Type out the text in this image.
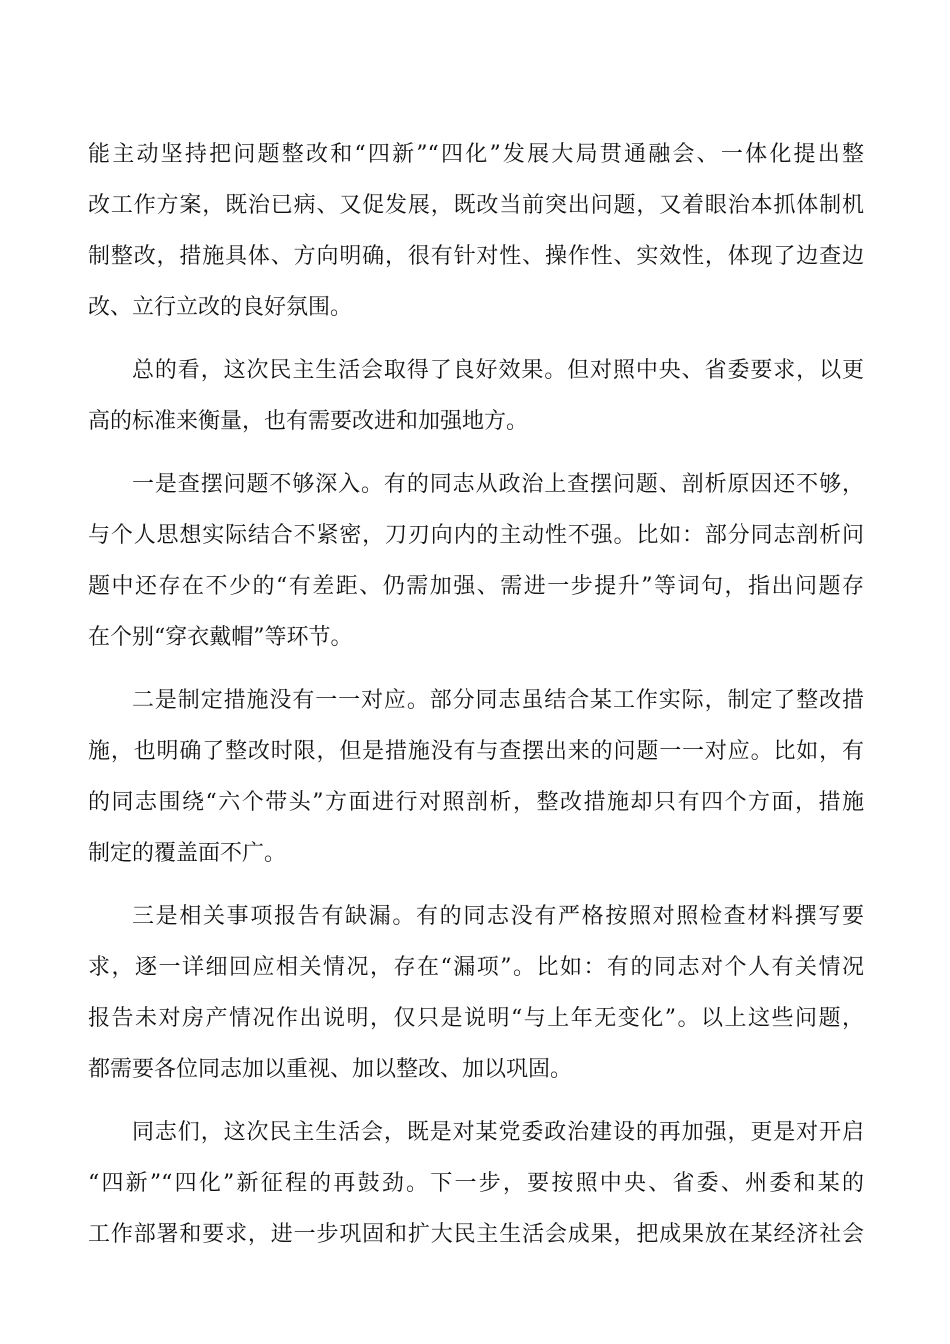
能主动坚持把问题整改和“四新”“四化”发展大局贯通融会、一体化提出整
改工作方案，既治已病、又促发展，既改当前突出问题，又着眼治本抓体制机
制整改，措施具体、方向明确，很有针对性、操作性、实效性，体现了边查边
改、立行立改的良好氛围。
总的看，这次民主生活会取得了良好效果。但对照中央、省委要求，以更
高的标准来衡量，也有需要改进和加强地方。
一是查摆问题不够深入。有的同志从政治上查摆问题、剖析原因还不够，
与个人思想实际结合不紧密，刀刃向内的主动性不强。比如：部分同志剖析问
题中还存在不少的“有差距、仍需加强、需进一步提升”等词句，指出问题存
在个别“穿衣戴帽”等环节。
二是制定措施没有一一对应。部分同志虽结合某工作实际，制定了整改措
施，也明确了整改时限，但是措施没有与查摆出来的问题一一对应。比如，有
的同志围绕“六个带头”方面进行对照剖析，整改措施却只有四个方面，措施
制定的覆盖面不广。
三是相关事项报告有缺漏。有的同志没有严格按照对照检查材料撰写要
求，逐一详细回应相关情况，存在“漏项”。比如：有的同志对个人有关情况
报告未对房产情况作出说明，仅只是说明“与上年无变化”。以上这些问题，
都需要各位同志加以重视、加以整改、加以巩固。
同志们，这次民主生活会，既是对某党委政治建设的再加强，更是对开启
“四新”“四化”新征程的再鼓劲。下一步，要按照中央、省委、州委和某的
工作部署和要求，进一步巩固和扩大民主生活会成果，把成果放在某经济社会
